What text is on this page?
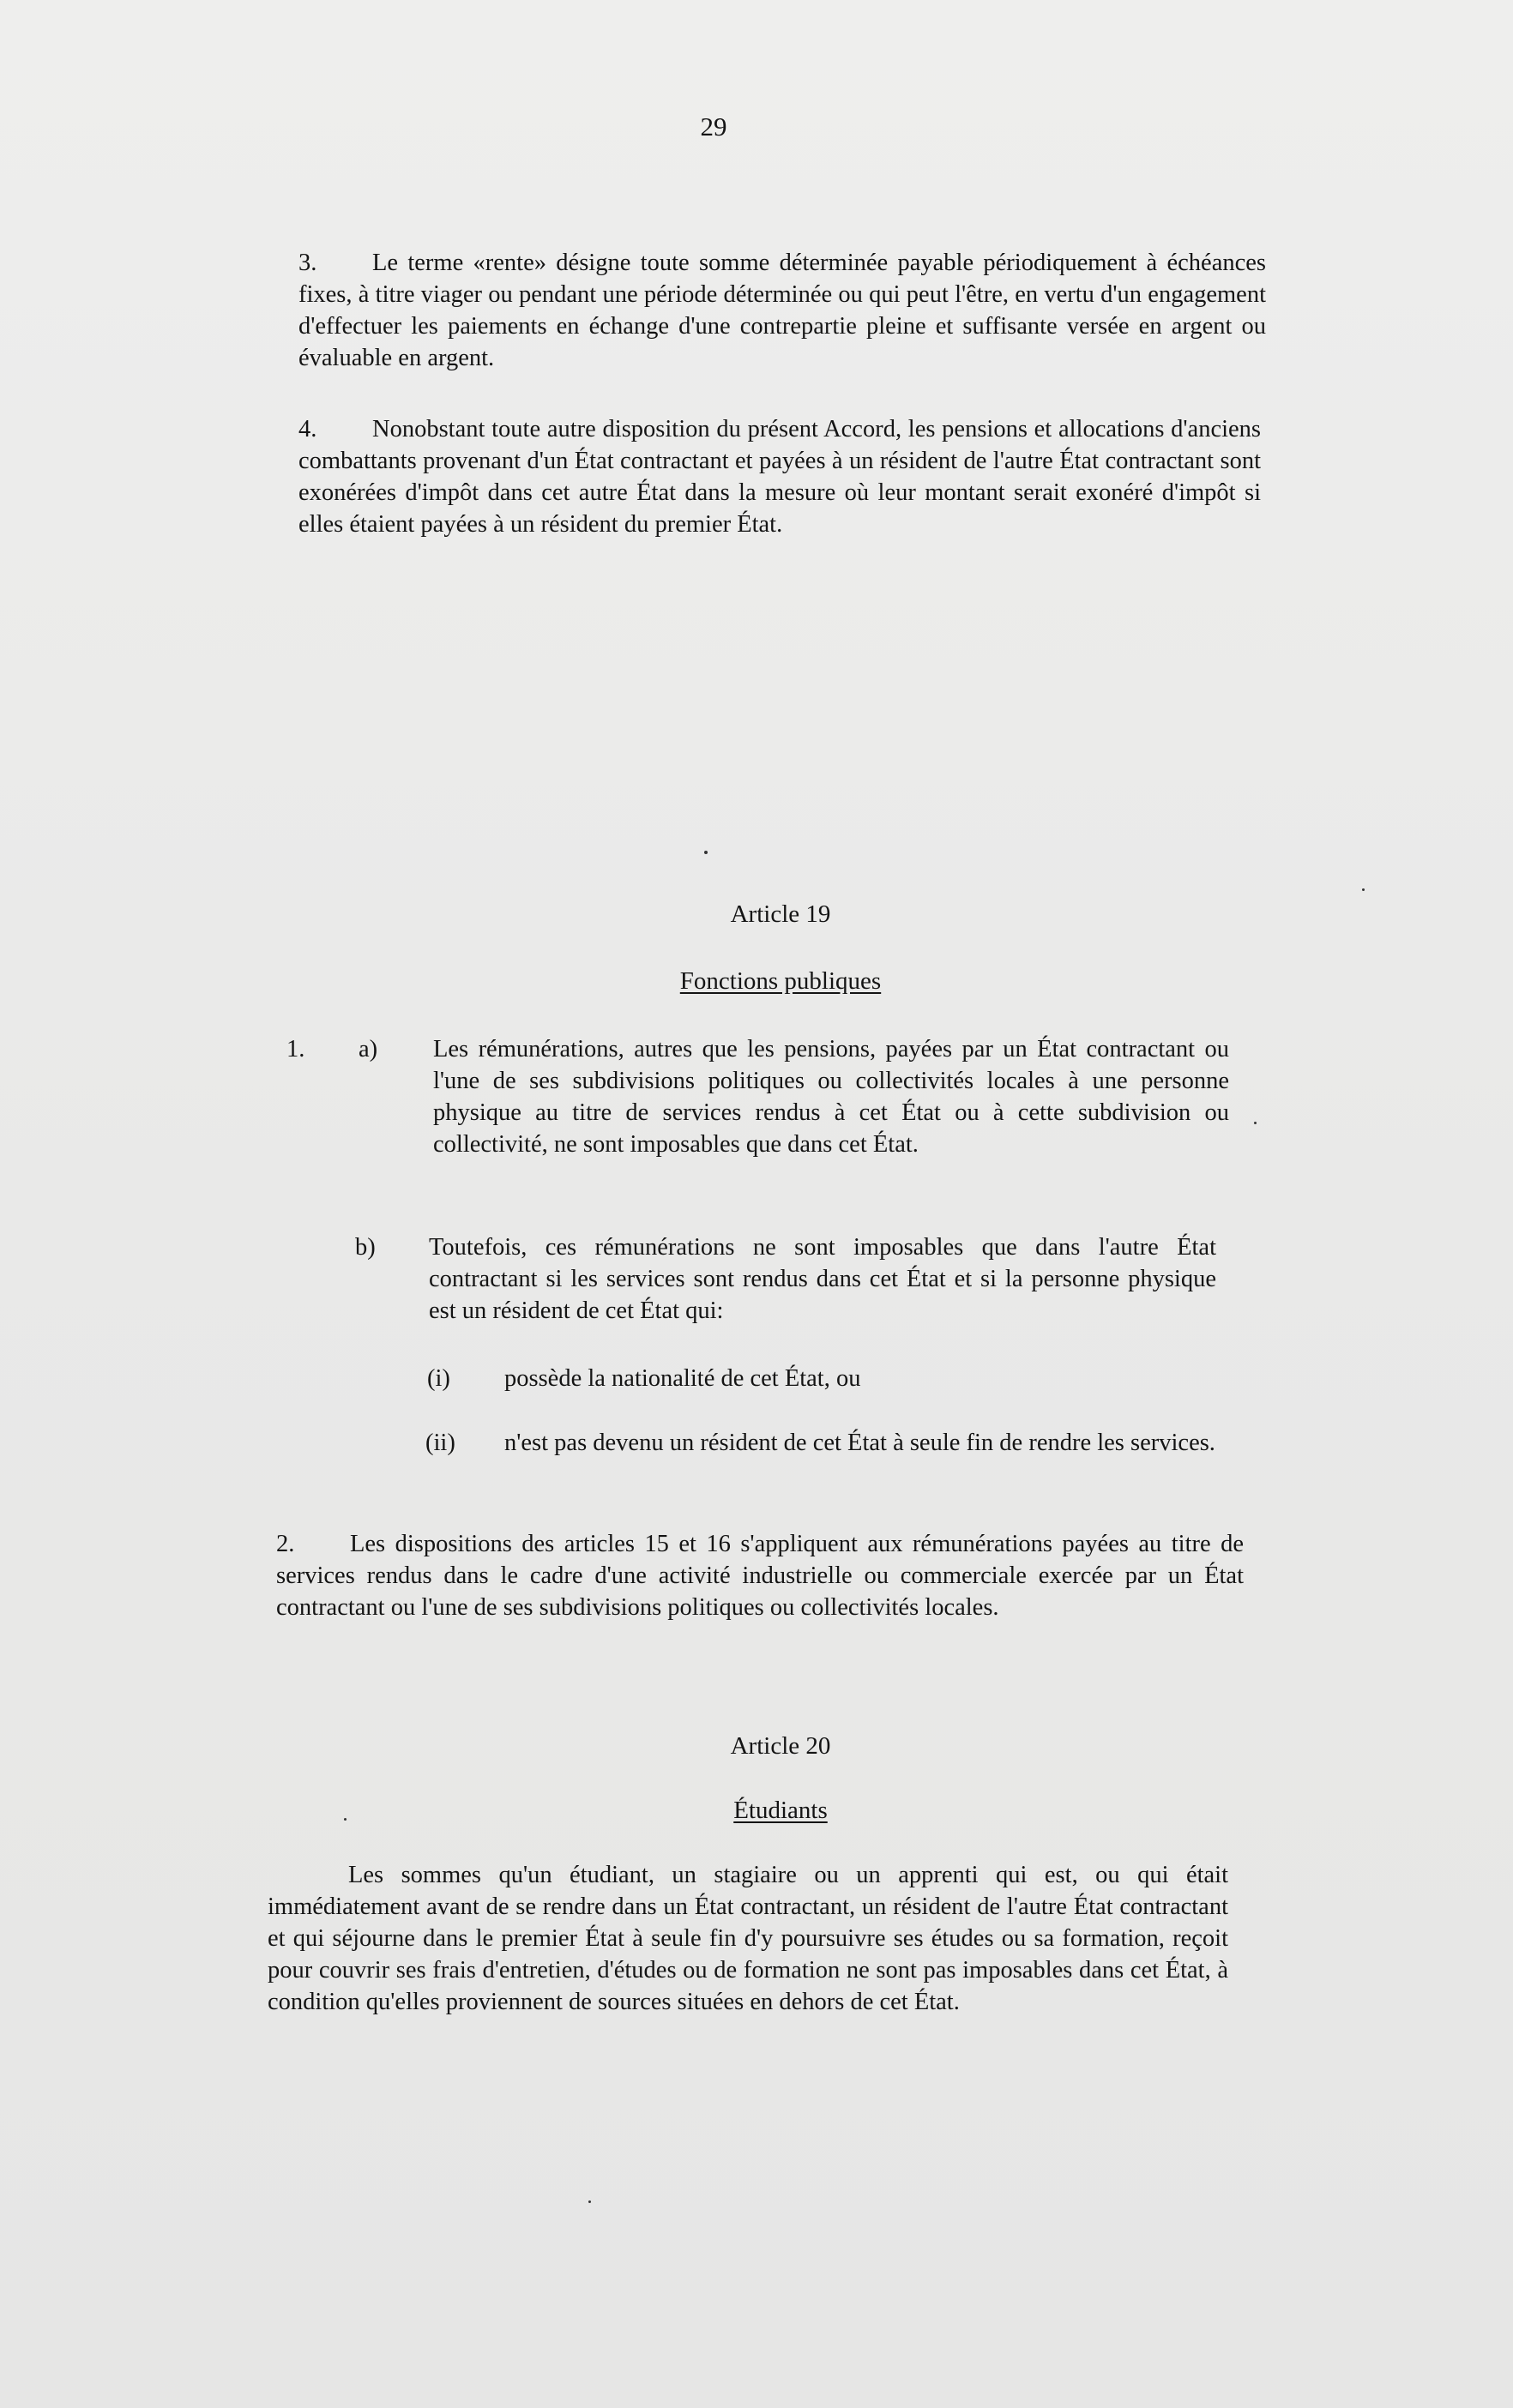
29

3. Le terme «rente» désigne toute somme déterminée payable périodiquement à échéances fixes, à titre viager ou pendant une période déterminée ou qui peut l'être, en vertu d'un engagement d'effectuer les paiements en échange d'une contrepartie pleine et suffisante versée en argent ou évaluable en argent.

4. Nonobstant toute autre disposition du présent Accord, les pensions et allocations d'anciens combattants provenant d'un État contractant et payées à un résident de l'autre État contractant sont exonérées d'impôt dans cet autre État dans la mesure où leur montant serait exonéré d'impôt si elles étaient payées à un résident du premier État.

Article 19
Fonctions publiques
1. a) Les rémunérations, autres que les pensions, payées par un État contractant ou l'une de ses subdivisions politiques ou collectivités locales à une personne physique au titre de services rendus à cet État ou à cette subdivision ou collectivité, ne sont imposables que dans cet État.

b) Toutefois, ces rémunérations ne sont imposables que dans l'autre État contractant si les services sont rendus dans cet État et si la personne physique est un résident de cet État qui:

(i) possède la nationalité de cet État, ou

(ii) n'est pas devenu un résident de cet État à seule fin de rendre les services.

2. Les dispositions des articles 15 et 16 s'appliquent aux rémunérations payées au titre de services rendus dans le cadre d'une activité industrielle ou commerciale exercée par un État contractant ou l'une de ses subdivisions politiques ou collectivités locales.

Article 20
Étudiants

Les sommes qu'un étudiant, un stagiaire ou un apprenti qui est, ou qui était immédiatement avant de se rendre dans un État contractant, un résident de l'autre État contractant et qui séjourne dans le premier État à seule fin d'y poursuivre ses études ou sa formation, reçoit pour couvrir ses frais d'entretien, d'études ou de formation ne sont pas imposables dans cet État, à condition qu'elles proviennent de sources situées en dehors de cet État.
